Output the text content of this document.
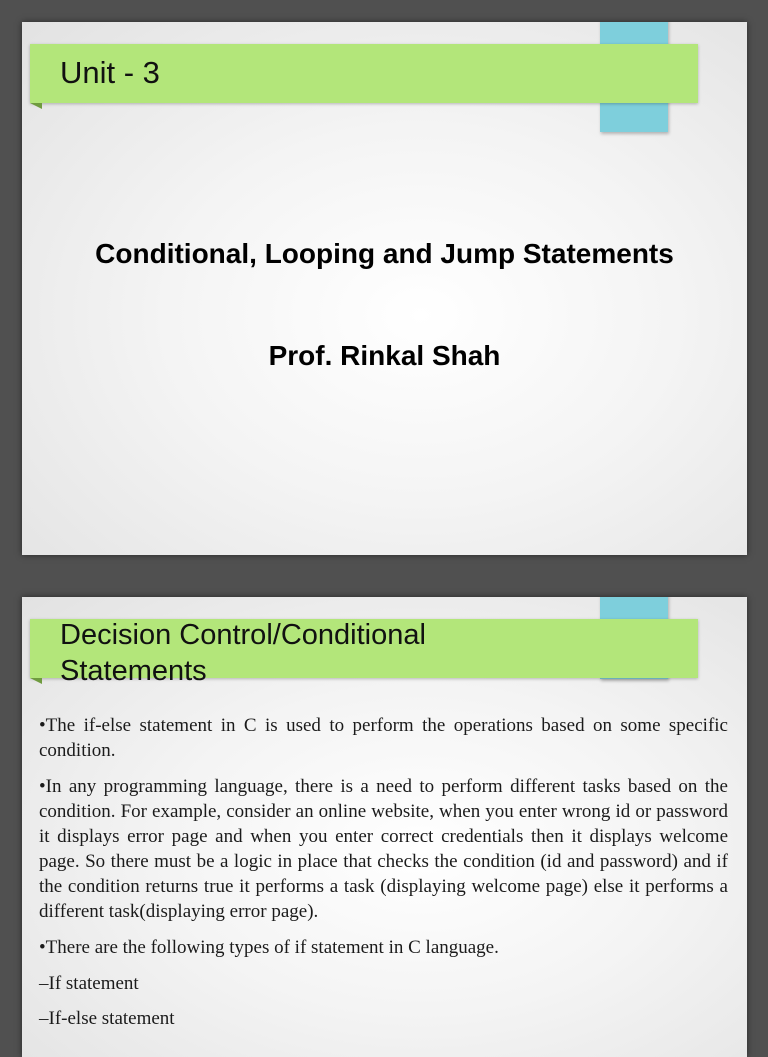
Unit - 3
Conditional, Looping and Jump Statements
Prof. Rinkal Shah
Decision Control/Conditional
Statements

•The if-else statement in C is used to perform the operations based on some specific condition.

•In any programming language, there is a need to perform different tasks based on the condition. For example, consider an online website, when you enter wrong id or password it displays error page and when you enter correct credentials then it displays welcome page. So there must be a logic in place that checks the condition (id and password) and if the condition returns true it performs a task (displaying welcome page) else it performs a different task(displaying error page).

•There are the following types of if statement in C language.

–If statement

–If-else statement
